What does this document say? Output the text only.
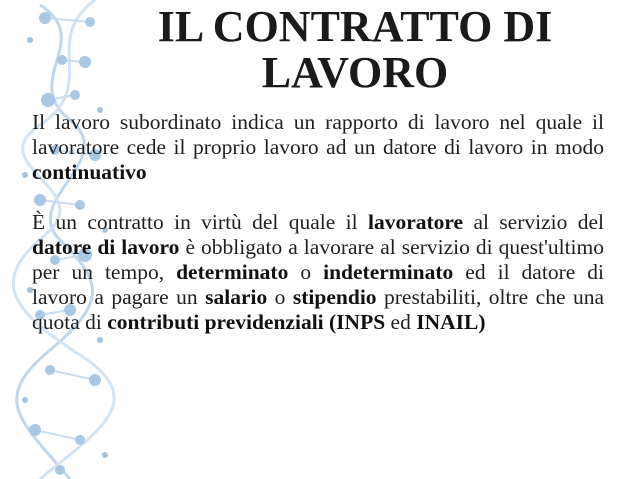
IL CONTRATTO DI
LAVORO

Il lavoro subordinato indica un rapporto di lavoro nel quale il lavoratore cede il proprio lavoro ad un datore di lavoro in modo continuativo

È un contratto in virtù del quale il lavoratore al servizio del datore di lavoro è obbligato a lavorare al servizio di quest'ultimo per un tempo, determinato o indeterminato ed il datore di lavoro a pagare un salario o stipendio prestabiliti, oltre che una quota di contributi previdenziali (INPS ed INAIL)
